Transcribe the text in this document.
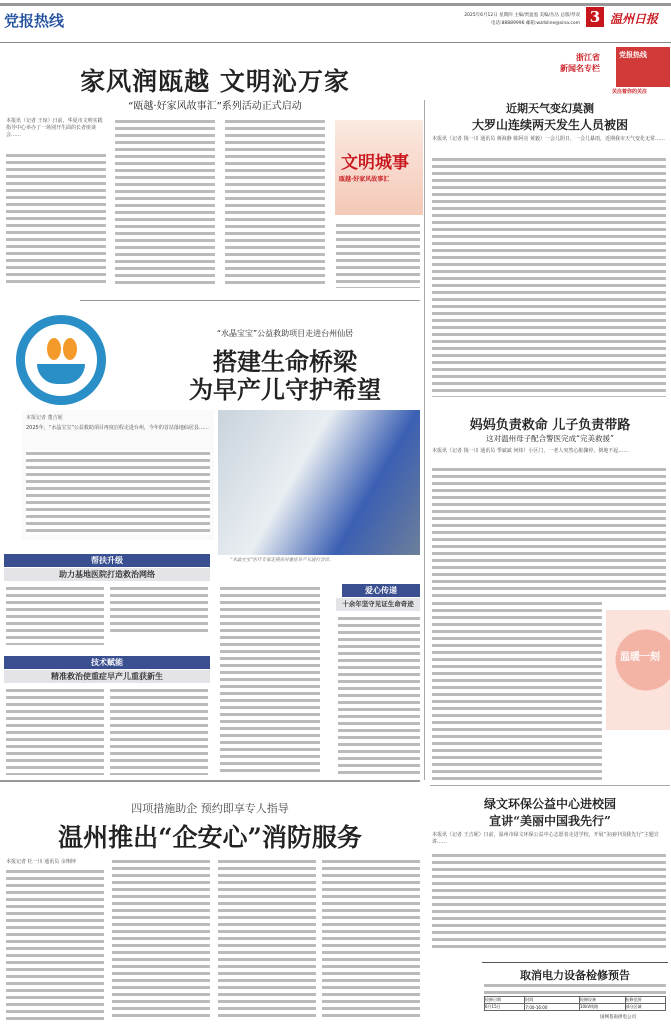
党报热线	2025年6月12日 星期四 主编/贾盈盈 美编/丛丛 总版/琴双
电话:88889996 邮箱:wzrbline@sina.com 3 温州日报
浙江省
新闻名专栏
党报热线
关注着你的关注
家风润瓯越 文明沁万家
“瓯越·好家风故事汇”系列活动正式启动
本报讯（记者 王琼）日前，华夏市文明实践指导中心举办了一场别开生面的长者座谈会……
文明城事
瓯越·好家风故事汇
近期天气变幻莫测
大罗山连续两天发生人员被困
本报讯（记者 钱一川 通讯员 蒋海静 陈阿亮 黄毅）一会儿阴日，一会儿暴雨，近期我市天气变化无常……
妈妈负责救命 儿子负责带路
这对温州母子配合警医完成“完美救援”
本报讯（记者 钱一川 通讯员 季斌斌 何炜）小区门，一老人突然心脏骤停，倒地不起……
温暖一刻
绿文环保公益中心进校园
宣讲“美丽中国我先行”
本报讯（记者 王吉妮）日前，温州市绿文环保公益中心志愿者走进学校，开展“美丽中国我先行”主题宣讲……
取消电力设备检修预告
检修日期	时间	检修设备	检修范围
6月15日	7:00-16:00	10kV线路	部分区域
国网苍南供电公司
“水晶宝宝”公益救助项目走进台州仙居
搭建生命桥梁
为早产儿守护希望
本报记者 董吉妮
2025年，“水晶宝宝”公益救助项目再度启程走进台州，今年的首站落地仙居县……
“水晶宝宝”医疗专家走病房对重症早产儿进行会诊。
帮扶升级
助力基地医院打造救治网络
技术赋能
精准救治使重症早产儿重获新生
爱心传递
十余年坚守见证生命奇迹
四项措施助企 预约即享专人指导
温州推出“企安心”消防服务
本报记者 杜一川 通讯员 余翔钟
